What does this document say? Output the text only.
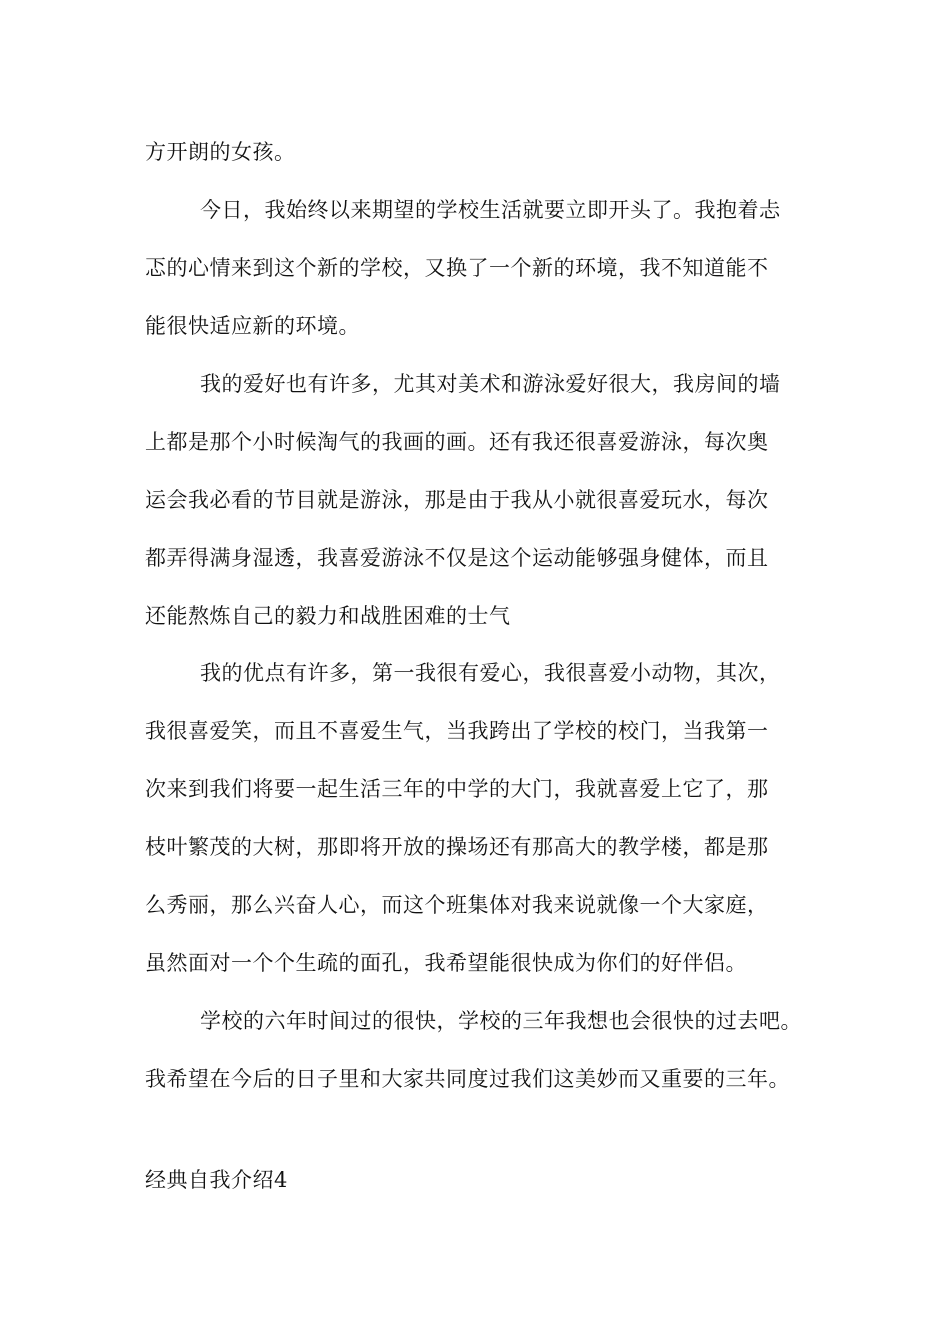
方开朗的女孩。
今日，我始终以来期望的学校生活就要立即开头了。我抱着忐
忑的心情来到这个新的学校，又换了一个新的环境，我不知道能不
能很快适应新的环境。
我的爱好也有许多，尤其对美术和游泳爱好很大，我房间的墙
上都是那个小时候淘气的我画的画。还有我还很喜爱游泳，每次奥
运会我必看的节目就是游泳，那是由于我从小就很喜爱玩水，每次
都弄得满身湿透，我喜爱游泳不仅是这个运动能够强身健体，而且
还能熬炼自己的毅力和战胜困难的士气
我的优点有许多，第一我很有爱心，我很喜爱小动物，其次，
我很喜爱笑，而且不喜爱生气，当我跨出了学校的校门，当我第一
次来到我们将要一起生活三年的中学的大门，我就喜爱上它了，那
枝叶繁茂的大树，那即将开放的操场还有那高大的教学楼，都是那
么秀丽，那么兴奋人心，而这个班集体对我来说就像一个大家庭，
虽然面对一个个生疏的面孔，我希望能很快成为你们的好伴侣。
学校的六年时间过的很快，学校的三年我想也会很快的过去吧。
我希望在今后的日子里和大家共同度过我们这美妙而又重要的三年。
经典自我介绍4
